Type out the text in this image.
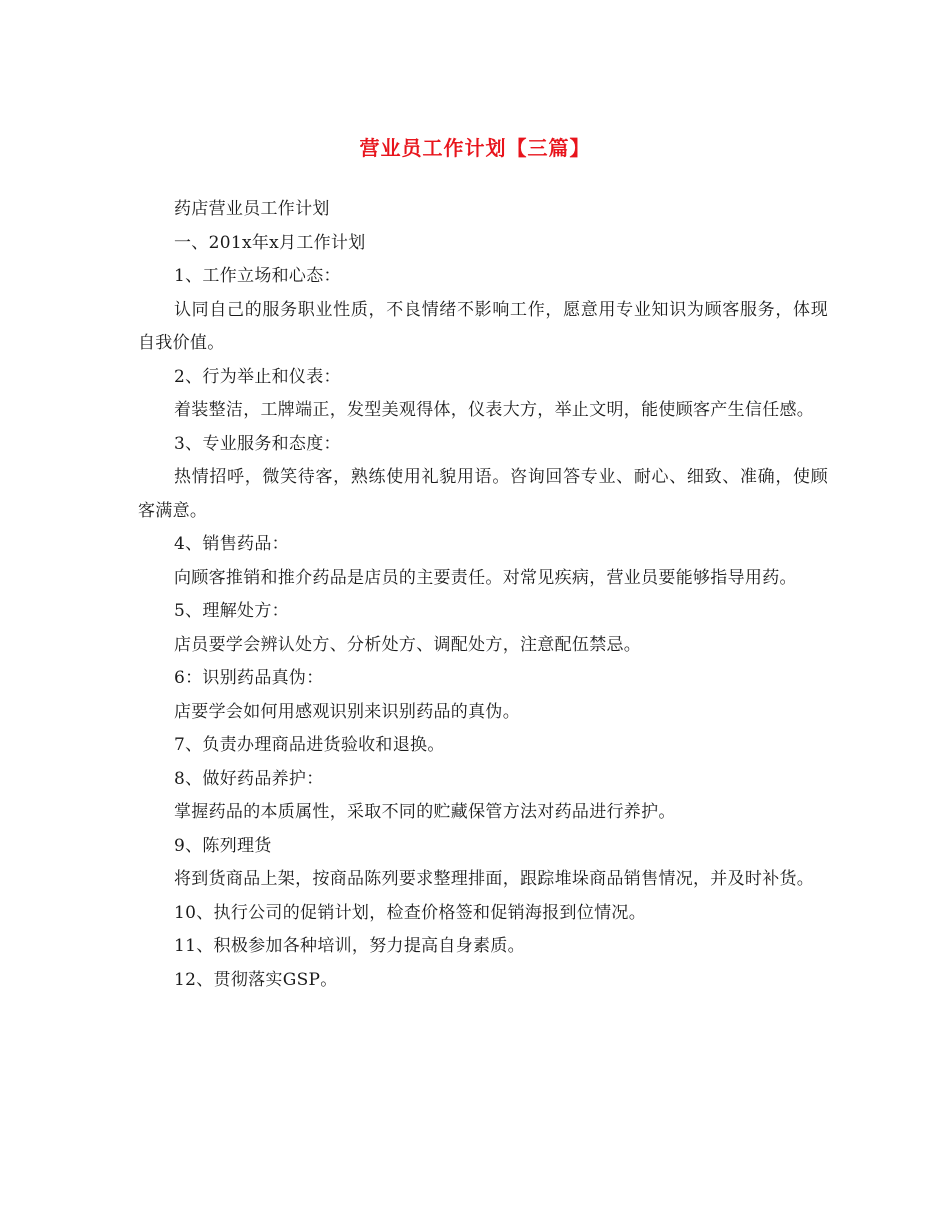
营业员工作计划【三篇】

药店营业员工作计划

一、201x年x月工作计划

1、工作立场和心态：

认同自己的服务职业性质，不良情绪不影响工作，愿意用专业知识为顾客服务，体现自我价值。

2、行为举止和仪表：

着装整洁，工牌端正，发型美观得体，仪表大方，举止文明，能使顾客产生信任感。

3、专业服务和态度：

热情招呼，微笑待客，熟练使用礼貌用语。咨询回答专业、耐心、细致、准确，使顾客满意。

4、销售药品：

向顾客推销和推介药品是店员的主要责任。对常见疾病，营业员要能够指导用药。

5、理解处方：

店员要学会辨认处方、分析处方、调配处方，注意配伍禁忌。

6：识别药品真伪：

店要学会如何用感观识别来识别药品的真伪。

7、负责办理商品进货验收和退换。

8、做好药品养护：

掌握药品的本质属性，采取不同的贮藏保管方法对药品进行养护。

9、陈列理货

将到货商品上架，按商品陈列要求整理排面，跟踪堆垛商品销售情况，并及时补货。

10、执行公司的促销计划，检查价格签和促销海报到位情况。

11、积极参加各种培训，努力提高自身素质。

12、贯彻落实GSP。
